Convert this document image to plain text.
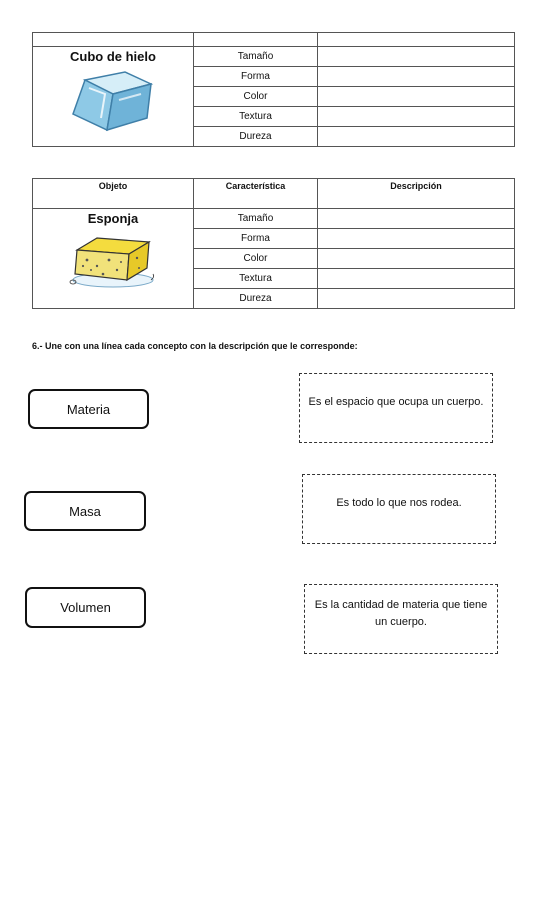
Cubo de hielo	Tamaño	
	Forma	
	Color	
	Textura	
	Dureza	
Objeto	Característica	Descripción

Esponja	Tamaño	
	Forma	
	Color	
	Textura	
	Dureza	
6.- Une con una línea cada concepto con la descripción que le corresponde:
Materia
Masa
Volumen
Es el espacio que ocupa un cuerpo.
Es todo lo que nos rodea.
Es la cantidad de materia que tiene un cuerpo.
